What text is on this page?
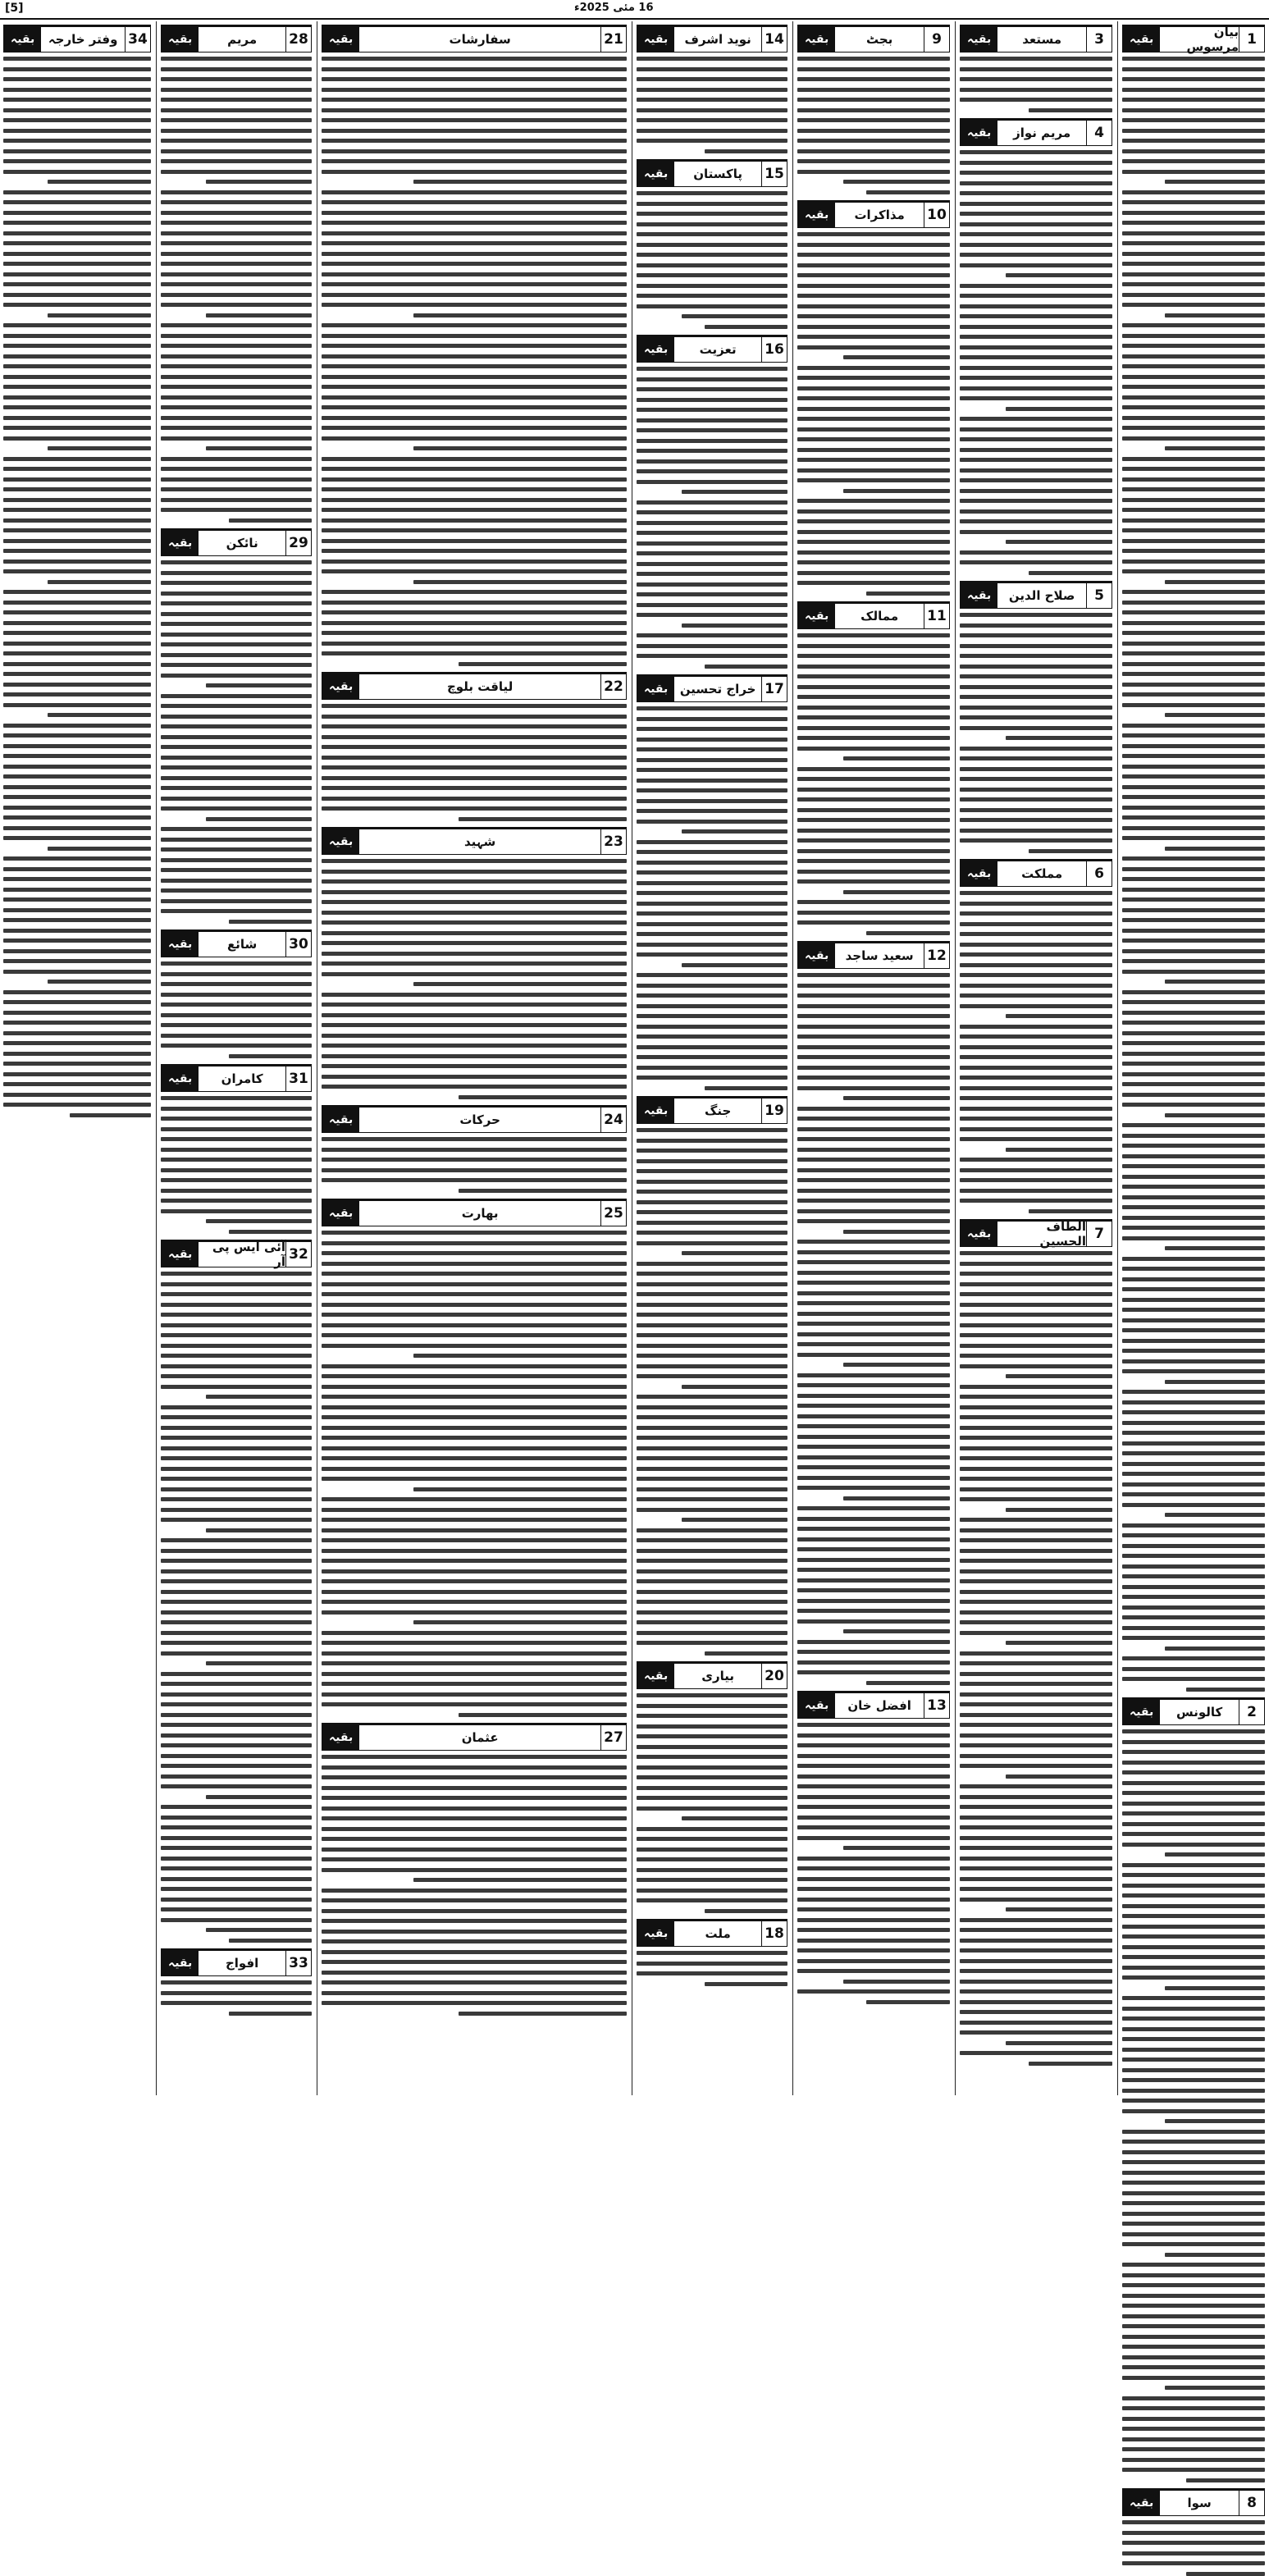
[5]	16 مئی 2025ء
1
بیان مرسوس
بقیہ
2
کالونس
بقیہ
8
سوا
بقیہ
3
مستعد
بقیہ
4
مریم نواز
بقیہ
5
صلاح الدین
بقیہ
6
مملکت
بقیہ
7
الطاف الحسین
بقیہ
9
بجٹ
بقیہ
10
مذاکرات
بقیہ
11
ممالک
بقیہ
12
سعید ساجد
بقیہ
13
افضل خان
بقیہ
14
نوید اشرف
بقیہ
15
پاکستان
بقیہ
16
تعزیت
بقیہ
17
خراج تحسین
بقیہ
19
جنگ
بقیہ
20
بیاری
بقیہ
18
ملت
بقیہ
21
سفارشات
بقیہ
22
لیاقت بلوچ
بقیہ
23
شہید
بقیہ
24
حرکات
بقیہ
25
بھارت
بقیہ
27
عثمان
بقیہ
28
مریم
بقیہ
29
نائکن
بقیہ
30
شائع
بقیہ
31
کامران
بقیہ
32
آئی ایس پی آر
بقیہ
33
افواج
بقیہ
34
وفتر خارجہ
بقیہ
